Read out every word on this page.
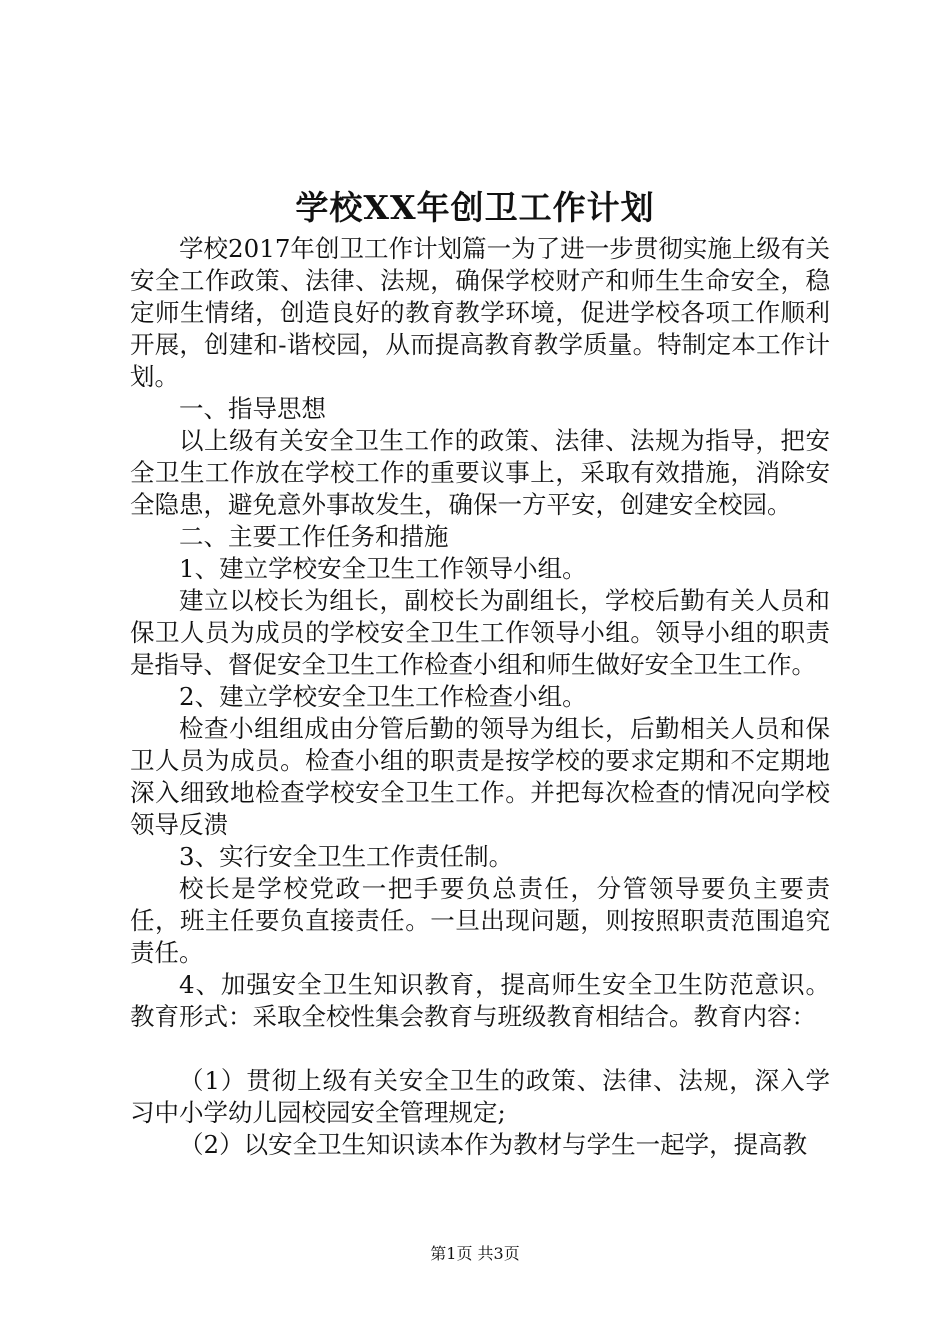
学校XX年创卫工作计划

学校2017年创卫工作计划篇一为了进一步贯彻实施上级有关安全工作政策、法律、法规，确保学校财产和师生生命安全，稳定师生情绪，创造良好的教育教学环境，促进学校各项工作顺利开展，创建和-谐校园，从而提高教育教学质量。特制定本工作计划。

一、指导思想

以上级有关安全卫生工作的政策、法律、法规为指导，把安全卫生工作放在学校工作的重要议事上，采取有效措施，消除安全隐患，避免意外事故发生，确保一方平安，创建安全校园。

二、主要工作任务和措施

1、建立学校安全卫生工作领导小组。

建立以校长为组长，副校长为副组长，学校后勤有关人员和保卫人员为成员的学校安全卫生工作领导小组。领导小组的职责是指导、督促安全卫生工作检查小组和师生做好安全卫生工作。

2、建立学校安全卫生工作检查小组。

检查小组组成由分管后勤的领导为组长，后勤相关人员和保卫人员为成员。检查小组的职责是按学校的要求定期和不定期地深入细致地检查学校安全卫生工作。并把每次检查的情况向学校领导反溃

3、实行安全卫生工作责任制。

校长是学校党政一把手要负总责任，分管领导要负主要责任，班主任要负直接责任。一旦出现问题，则按照职责范围追究责任。

4、加强安全卫生知识教育，提高师生安全卫生防范意识。教育形式：采取全校性集会教育与班级教育相结合。教育内容：

（1）贯彻上级有关安全卫生的政策、法律、法规，深入学习中小学幼儿园校园安全管理规定;

（2）以安全卫生知识读本作为教材与学生一起学，提高教

第1页 共3页
